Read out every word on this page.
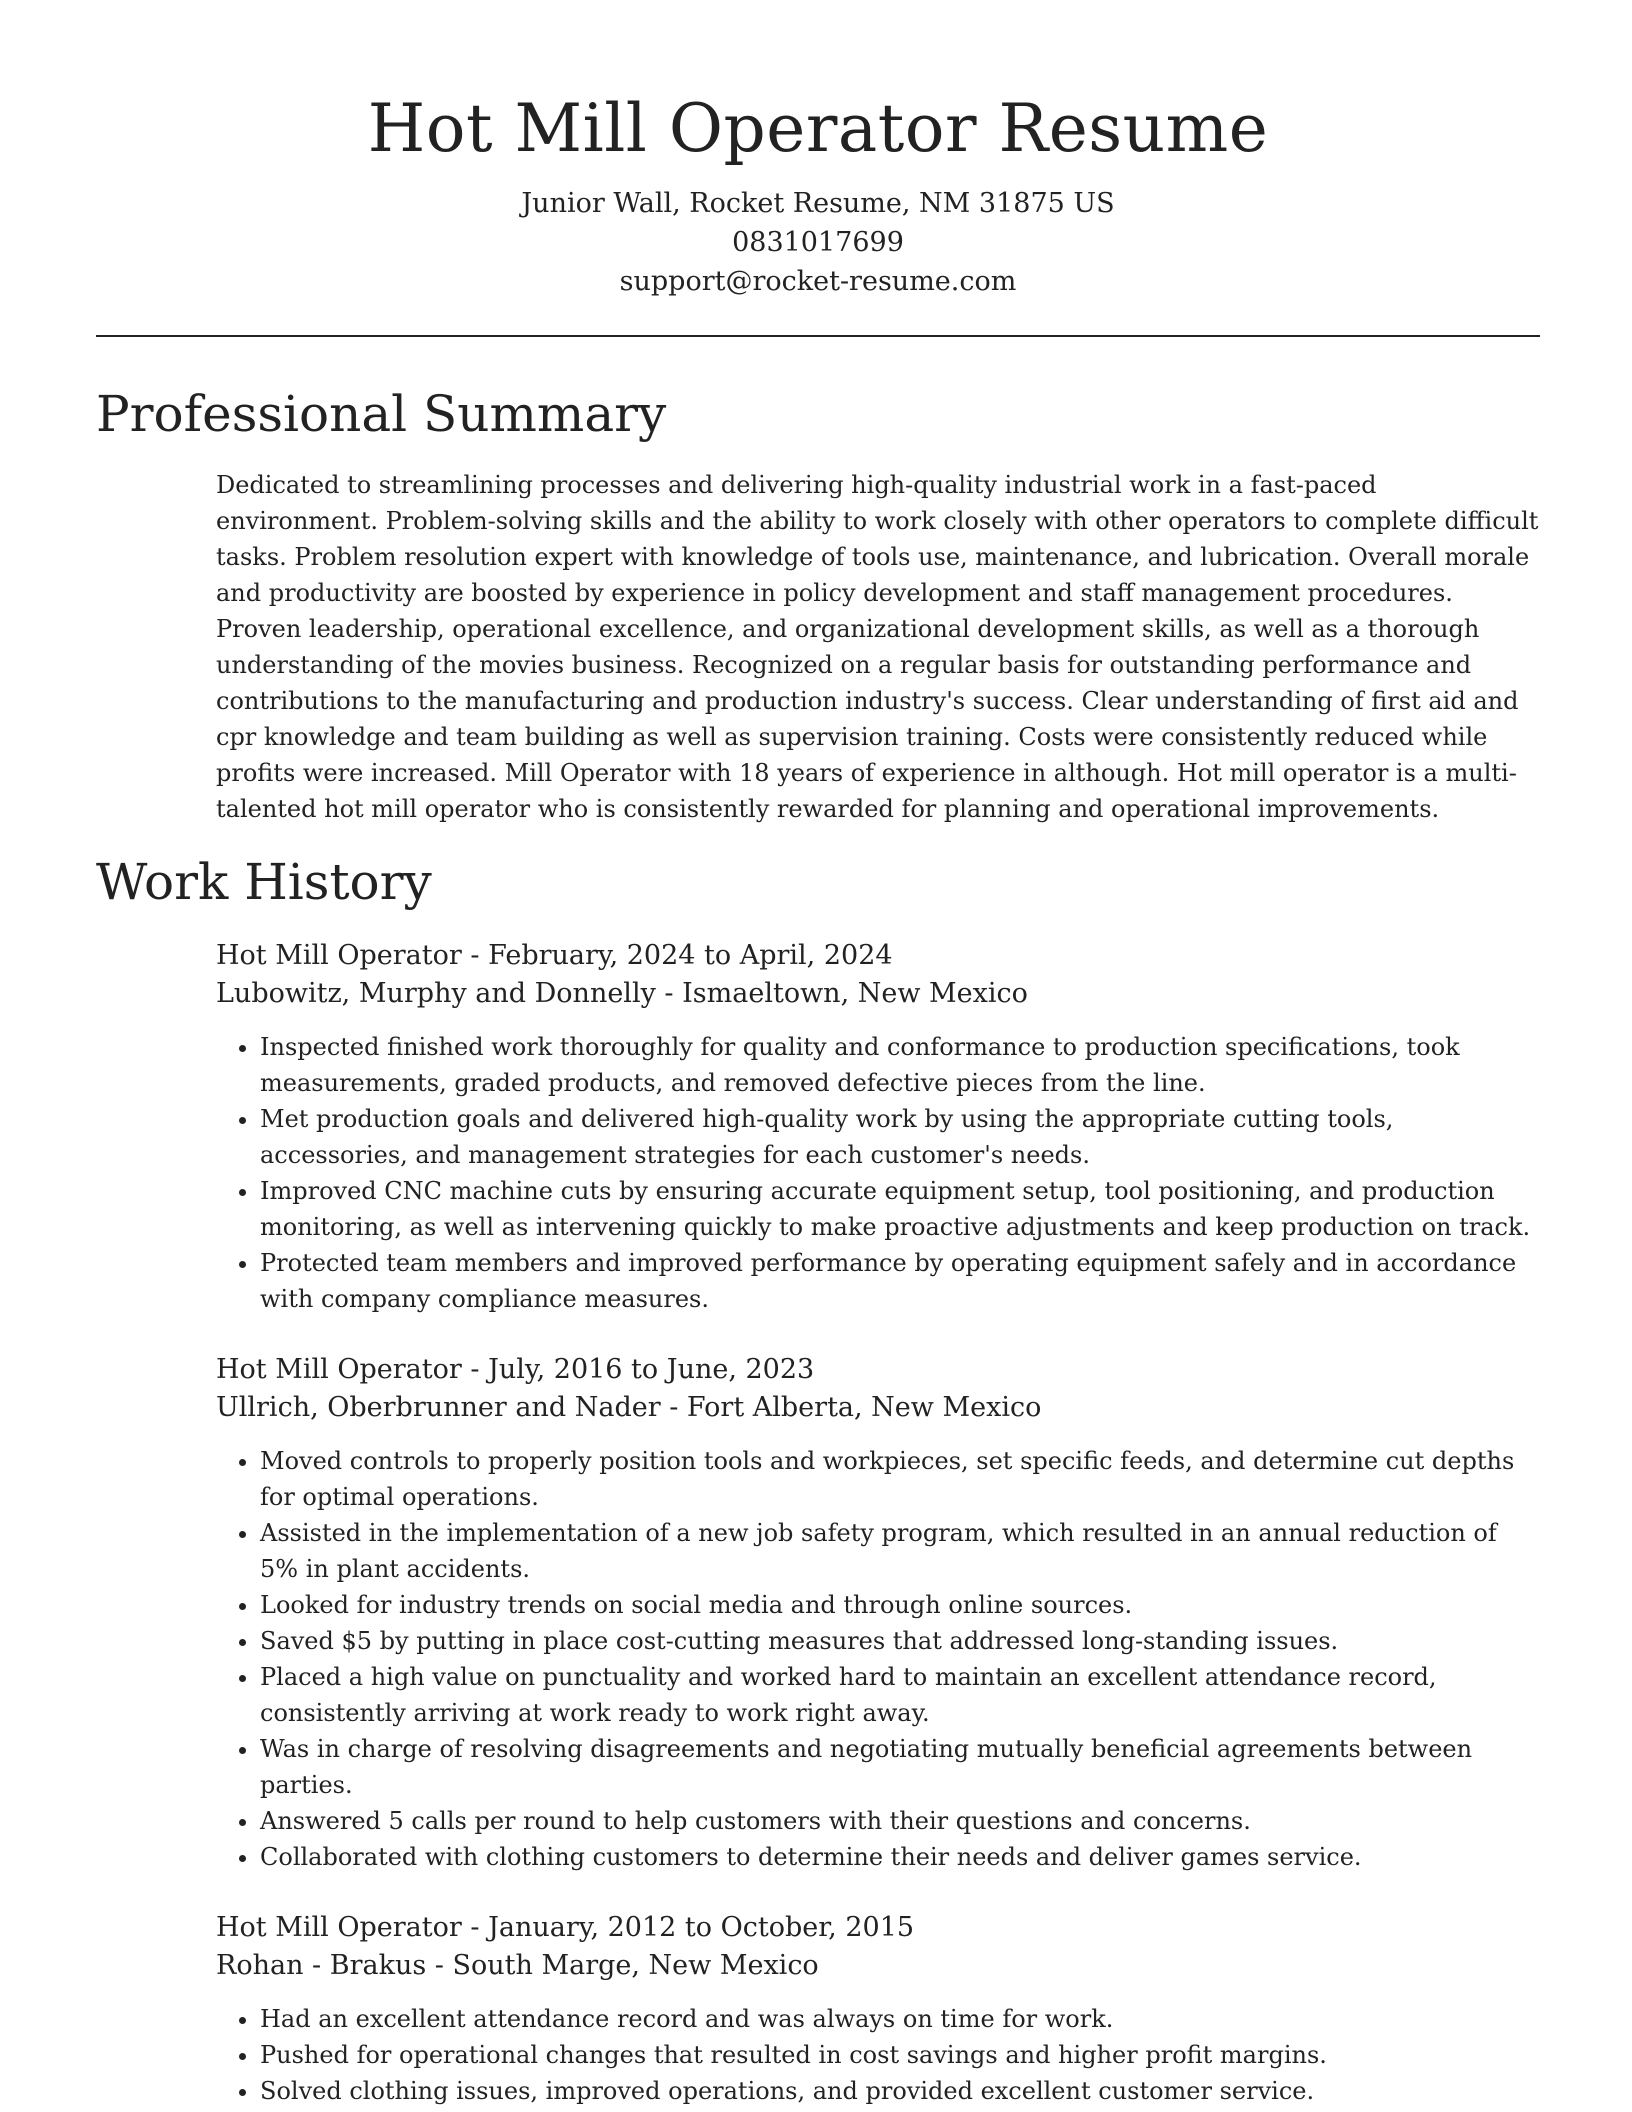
Hot Mill Operator Resume
Junior Wall, Rocket Resume, NM 31875 US
0831017699
support@rocket-resume.com
Professional Summary

Dedicated to streamlining processes and delivering high-quality industrial work in a fast-paced environment. Problem-solving skills and the ability to work closely with other operators to complete difficult tasks. Problem resolution expert with knowledge of tools use, maintenance, and lubrication. Overall morale and productivity are boosted by experience in policy development and staff management procedures. Proven leadership, operational excellence, and organizational development skills, as well as a thorough understanding of the movies business. Recognized on a regular basis for outstanding performance and contributions to the manufacturing and production industry's success. Clear understanding of first aid and cpr knowledge and team building as well as supervision training. Costs were consistently reduced while profits were increased. Mill Operator with 18 years of experience in although. Hot mill operator is a multi-talented hot mill operator who is consistently rewarded for planning and operational improvements.

Work History
Hot Mill Operator - February, 2024 to April, 2024
Lubowitz, Murphy and Donnelly - Ismaeltown, New Mexico
• Inspected finished work thoroughly for quality and conformance to production specifications, took measurements, graded products, and removed defective pieces from the line.
• Met production goals and delivered high-quality work by using the appropriate cutting tools, accessories, and management strategies for each customer's needs.
• Improved CNC machine cuts by ensuring accurate equipment setup, tool positioning, and production monitoring, as well as intervening quickly to make proactive adjustments and keep production on track.
• Protected team members and improved performance by operating equipment safely and in accordance with company compliance measures.
Hot Mill Operator - July, 2016 to June, 2023
Ullrich, Oberbrunner and Nader - Fort Alberta, New Mexico
• Moved controls to properly position tools and workpieces, set specific feeds, and determine cut depths for optimal operations.
• Assisted in the implementation of a new job safety program, which resulted in an annual reduction of 5% in plant accidents.
• Looked for industry trends on social media and through online sources.
• Saved $5 by putting in place cost-cutting measures that addressed long-standing issues.
• Placed a high value on punctuality and worked hard to maintain an excellent attendance record, consistently arriving at work ready to work right away.
• Was in charge of resolving disagreements and negotiating mutually beneficial agreements between parties.
• Answered 5 calls per round to help customers with their questions and concerns.
• Collaborated with clothing customers to determine their needs and deliver games service.
Hot Mill Operator - January, 2012 to October, 2015
Rohan - Brakus - South Marge, New Mexico
• Had an excellent attendance record and was always on time for work.
• Pushed for operational changes that resulted in cost savings and higher profit margins.
• Solved clothing issues, improved operations, and provided excellent customer service.
